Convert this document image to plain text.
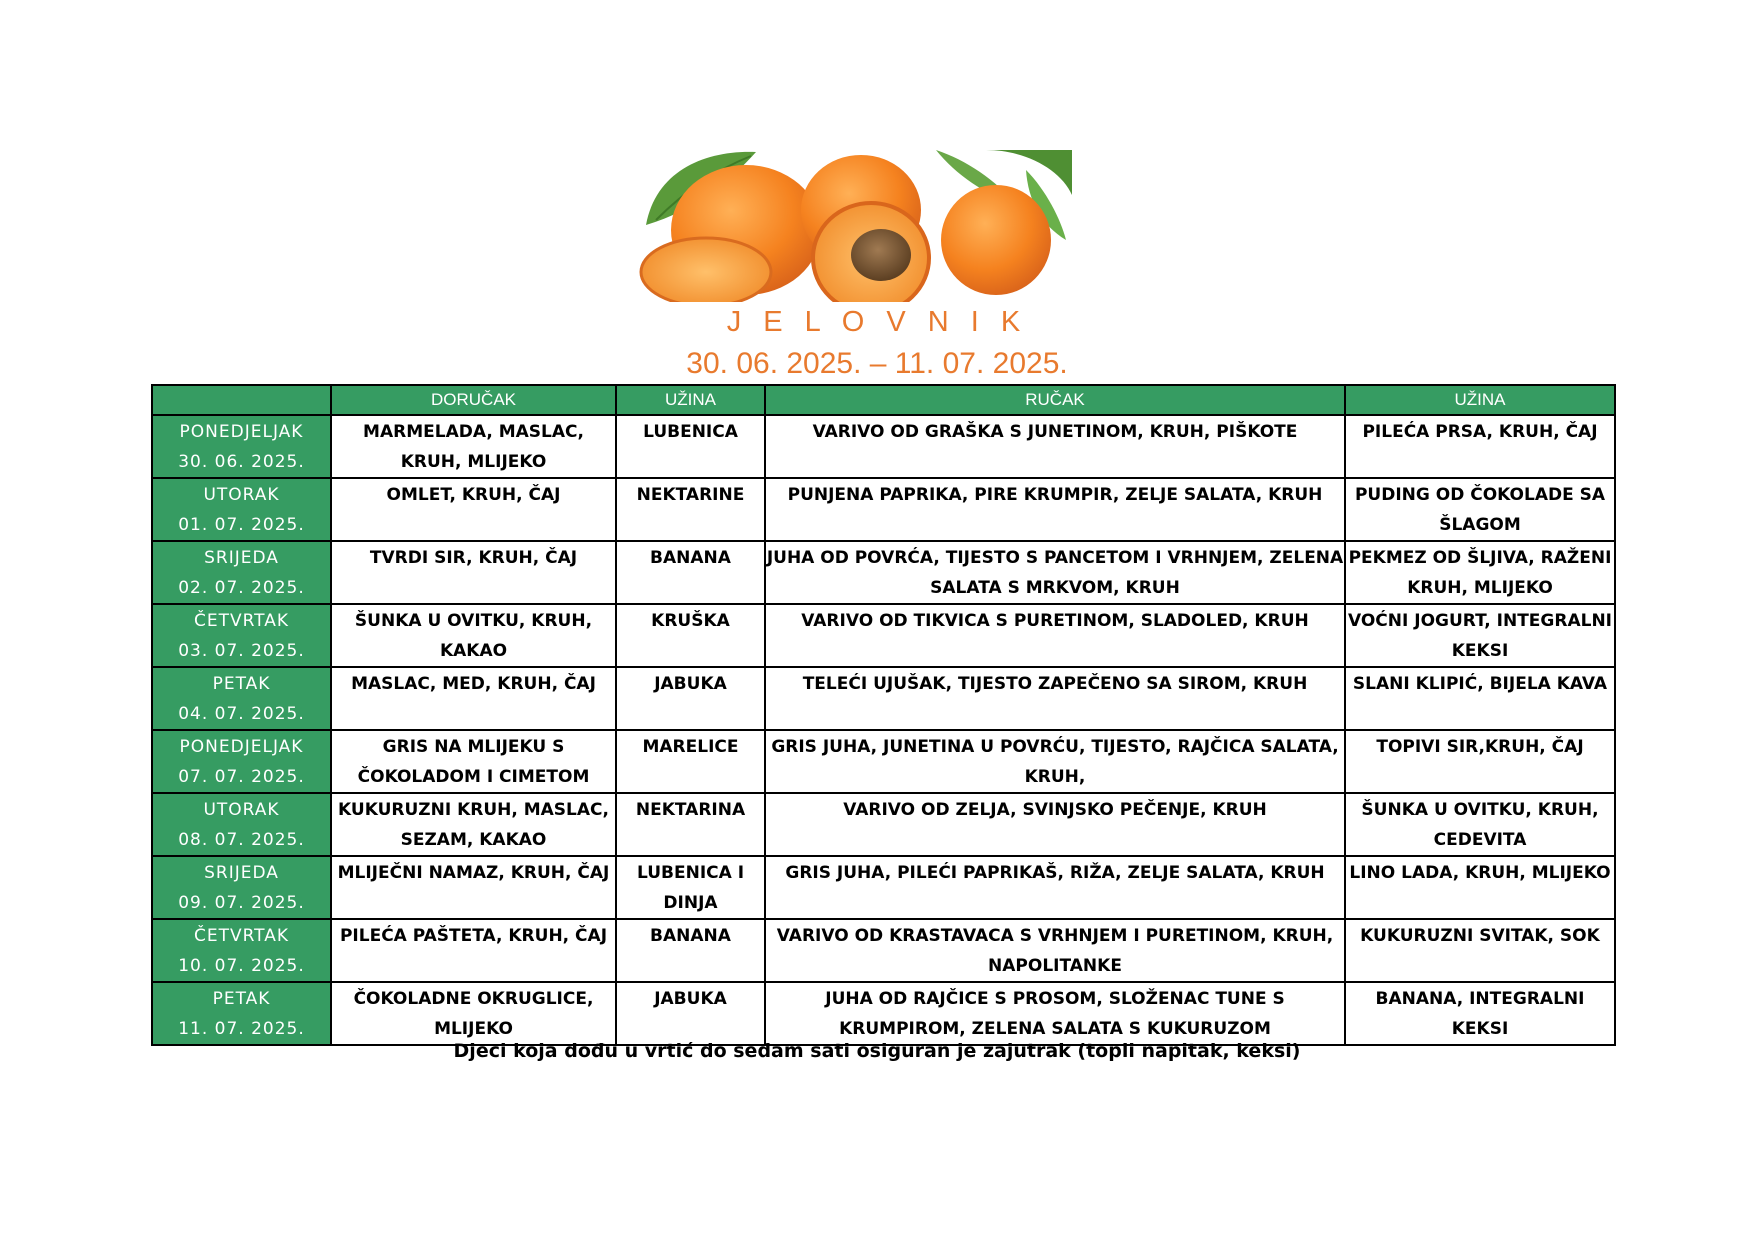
J E L O V N I K
30. 06. 2025. – 11. 07. 2025.
	DORUČAK	UŽINA	RUČAK	UŽINA

PONEDJELJAK
30. 06. 2025.	MARMELADA, MASLAC, KRUH, MLIJEKO	LUBENICA	VARIVO OD GRAŠKA S JUNETINOM, KRUH, PIŠKOTE	PILEĆA PRSA, KRUH, ČAJ

UTORAK
01. 07. 2025.	OMLET, KRUH, ČAJ	NEKTARINE	PUNJENA PAPRIKA, PIRE KRUMPIR, ZELJE SALATA, KRUH	PUDING OD ČOKOLADE SA ŠLAGOM

SRIJEDA
02. 07. 2025.	TVRDI SIR, KRUH, ČAJ	BANANA	JUHA OD POVRĆA, TIJESTO S PANCETOM I VRHNJEM, ZELENA SALATA S MRKVOM, KRUH	PEKMEZ OD ŠLJIVA, RAŽENI KRUH, MLIJEKO

ČETVRTAK
03. 07. 2025.	ŠUNKA U OVITKU, KRUH, KAKAO	KRUŠKA	VARIVO OD TIKVICA S PURETINOM, SLADOLED, KRUH	VOĆNI JOGURT, INTEGRALNI KEKSI

PETAK
04. 07. 2025.	MASLAC, MED, KRUH, ČAJ	JABUKA	TELEĆI UJUŠAK, TIJESTO ZAPEČENO SA SIROM, KRUH	SLANI KLIPIĆ, BIJELA KAVA

PONEDJELJAK
07. 07. 2025.	GRIS NA MLIJEKU S ČOKOLADOM I CIMETOM	MARELICE	GRIS JUHA, JUNETINA U POVRĆU, TIJESTO, RAJČICA SALATA, KRUH,	TOPIVI SIR,KRUH, ČAJ

UTORAK
08. 07. 2025.	KUKURUZNI KRUH, MASLAC, SEZAM, KAKAO	NEKTARINA	VARIVO OD ZELJA, SVINJSKO PEČENJE, KRUH	ŠUNKA U OVITKU, KRUH, CEDEVITA

SRIJEDA
09. 07. 2025.	MLIJEČNI NAMAZ, KRUH, ČAJ	LUBENICA I DINJA	GRIS JUHA, PILEĆI PAPRIKAŠ, RIŽA, ZELJE SALATA, KRUH	LINO LADA, KRUH, MLIJEKO

ČETVRTAK
10. 07. 2025.	PILEĆA PAŠTETA, KRUH, ČAJ	BANANA	VARIVO OD KRASTAVACA S VRHNJEM I PURETINOM, KRUH, NAPOLITANKE	KUKURUZNI SVITAK, SOK

PETAK
11. 07. 2025.	ČOKOLADNE OKRUGLICE, MLIJEKO	JABUKA	JUHA OD RAJČICE S PROSOM, SLOŽENAC TUNE S KRUMPIROM, ZELENA SALATA S KUKURUZOM	BANANA, INTEGRALNI KEKSI
Djeci koja dođu u vrtić do sedam sati osiguran je zajutrak (topli napitak, keksi)
